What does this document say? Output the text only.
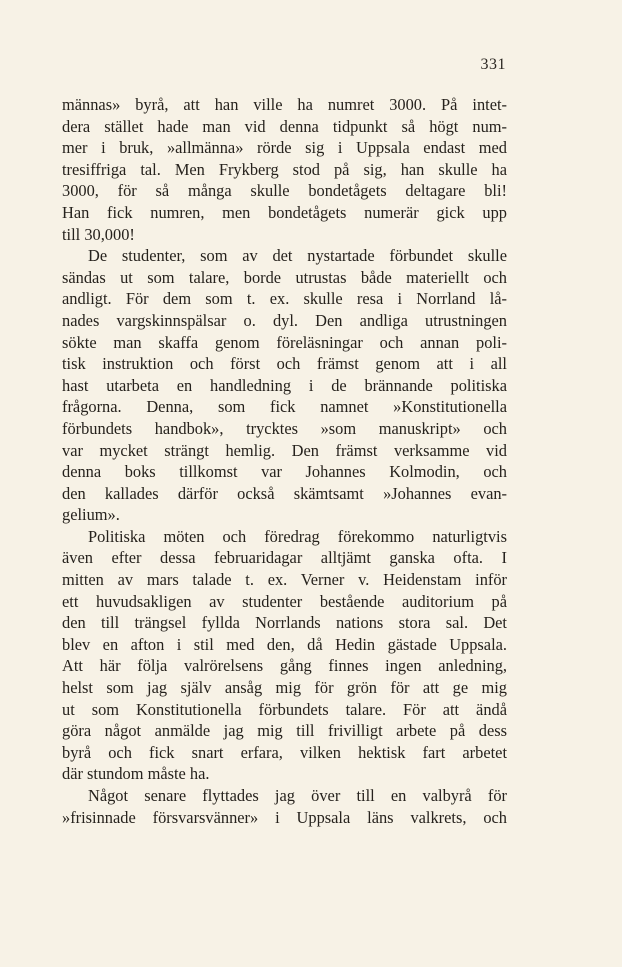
331
männas» byrå, att han ville ha numret 3000. På intet-
dera stället hade man vid denna tidpunkt så högt num-
mer i bruk, »allmänna» rörde sig i Uppsala endast med
tresiffriga tal. Men Frykberg stod på sig, han skulle ha
3000, för så många skulle bondetågets deltagare bli!
Han fick numren, men bondetågets numerär gick upp
till 30,000!
De studenter, som av det nystartade förbundet skulle
sändas ut som talare, borde utrustas både materiellt och
andligt. För dem som t. ex. skulle resa i Norrland lå-
nades vargskinnspälsar o. dyl. Den andliga utrustningen
sökte man skaffa genom föreläsningar och annan poli-
tisk instruktion och först och främst genom att i all
hast utarbeta en handledning i de brännande politiska
frågorna. Denna, som fick namnet »Konstitutionella
förbundets handbok», trycktes »som manuskript» och
var mycket strängt hemlig. Den främst verksamme vid
denna boks tillkomst var Johannes Kolmodin, och
den kallades därför också skämtsamt »Johannes evan-
gelium».
Politiska möten och föredrag förekommo naturligtvis
även efter dessa februaridagar alltjämt ganska ofta. I
mitten av mars talade t. ex. Verner v. Heidenstam inför
ett huvudsakligen av studenter bestående auditorium på
den till trängsel fyllda Norrlands nations stora sal. Det
blev en afton i stil med den, då Hedin gästade Uppsala.
Att här följa valrörelsens gång finnes ingen anledning,
helst som jag själv ansåg mig för grön för att ge mig
ut som Konstitutionella förbundets talare. För att ändå
göra något anmälde jag mig till frivilligt arbete på dess
byrå och fick snart erfara, vilken hektisk fart arbetet
där stundom måste ha.
Något senare flyttades jag över till en valbyrå för
»frisinnade försvarsvänner» i Uppsala läns valkrets, och
